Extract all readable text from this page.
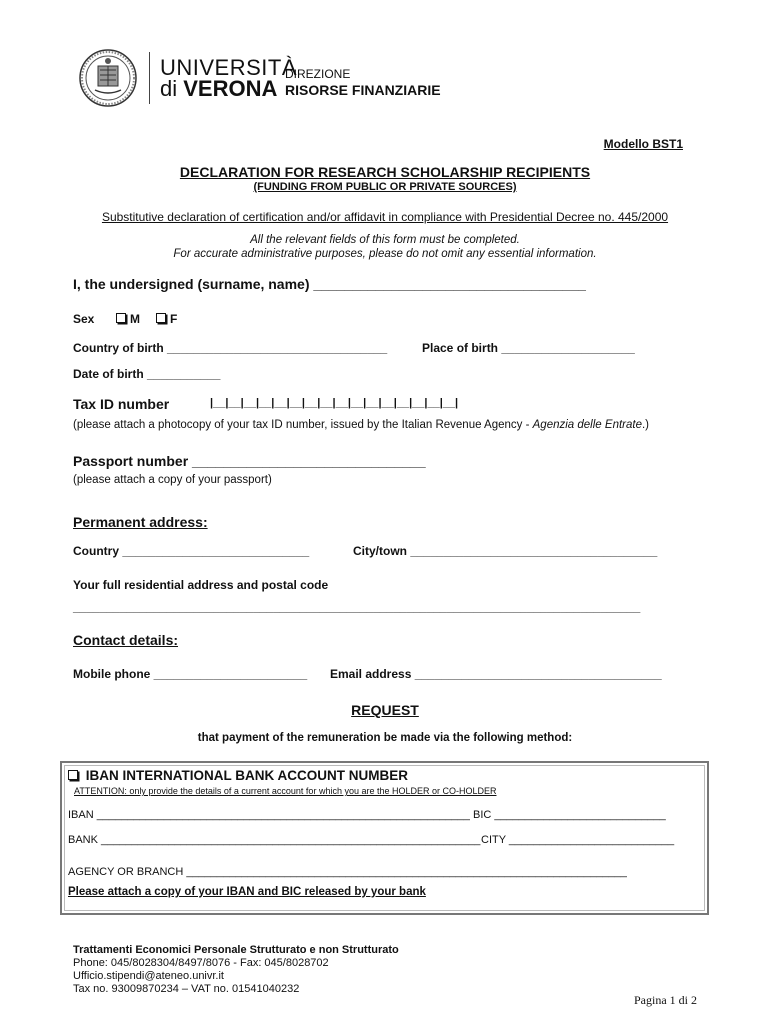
UNIVERSITÀ
di VERONA
DIREZIONE
RISORSE FINANZIARIE
Modello BST1
DECLARATION FOR RESEARCH SCHOLARSHIP RECIPIENTS
(FUNDING FROM PUBLIC OR PRIVATE SOURCES)
Substitutive declaration of certification and/or affidavit in compliance with Presidential Decree no. 445/2000
All the relevant fields of this form must be completed.
For accurate administrative purposes, please do not omit any essential information.
I, the undersigned (surname, name) ___________________________________
Sex	M	F
Country of birth _________________________________	Place of birth ____________________
Date of birth ___________
Tax ID number	|__|__|__|__|__|__|__|__|__|__|__|__|__|__|__|__|
(please attach a photocopy of your tax ID number, issued by the Italian Revenue Agency - Agenzia delle Entrate.)
Passport number ______________________________
(please attach a copy of your passport)
Permanent address:
Country ____________________________	City/town _____________________________________
Your full residential address and postal code
_____________________________________________________________________________________
Contact details:
Mobile phone _______________________ Email address _____________________________________
REQUEST
that payment of the remuneration be made via the following method:
IBAN INTERNATIONAL BANK ACCOUNT NUMBER
ATTENTION: only provide the details of a current account for which you are the HOLDER or CO-HOLDER
IBAN _____________________________________________________________ BIC ____________________________
BANK ______________________________________________________________ CITY ___________________________
AGENCY OR BRANCH ________________________________________________________________________
Please attach a copy of your IBAN and BIC released by your bank
Trattamenti Economici Personale Strutturato e non Strutturato
Phone: 045/8028304/8497/8076 - Fax: 045/8028702
Ufficio.stipendi@ateneo.univr.it
Tax no. 93009870234 – VAT no. 01541040232
Pagina 1 di 2
